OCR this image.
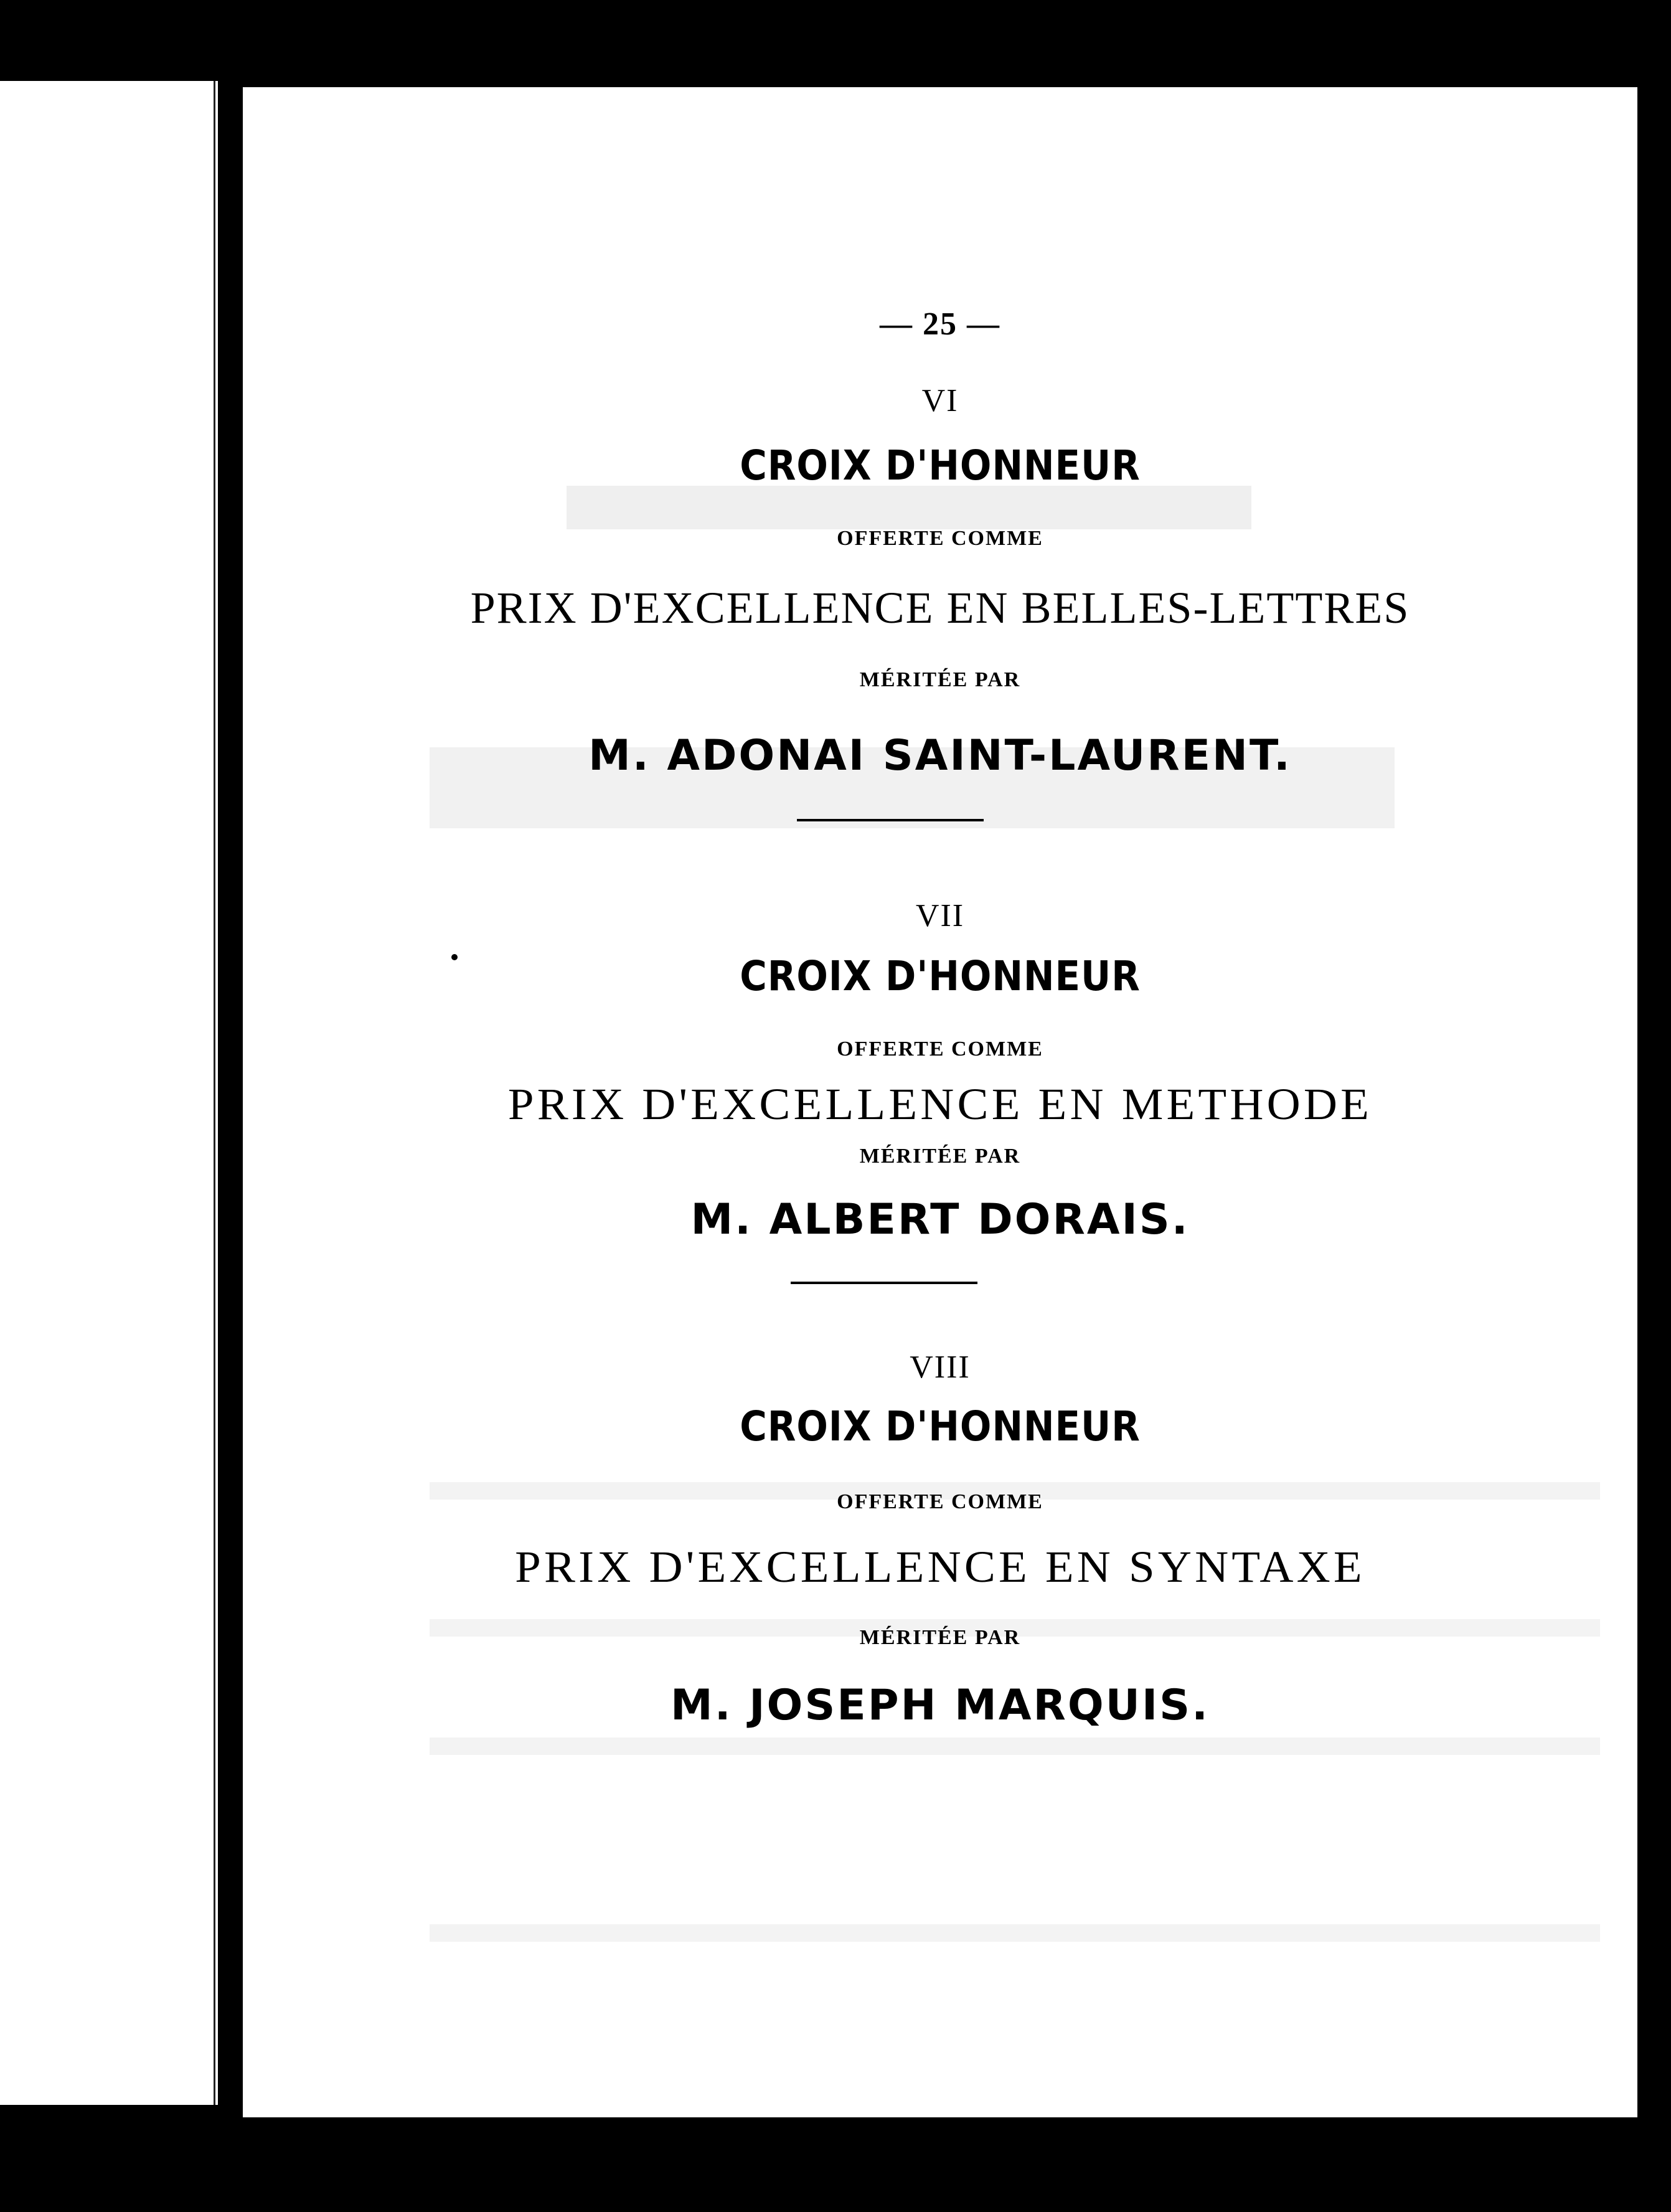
— 25 —
VI
CROIX D'HONNEUR
OFFERTE COMME
PRIX D'EXCELLENCE EN BELLES-LETTRES
MÉRITÉE PAR
M. ADONAI SAINT-LAURENT.
VII
CROIX D'HONNEUR
OFFERTE COMME
PRIX D'EXCELLENCE EN METHODE
MÉRITÉE PAR
M. ALBERT DORAIS.
VIII
CROIX D'HONNEUR
OFFERTE COMME
PRIX D'EXCELLENCE EN SYNTAXE
MÉRITÉE PAR
M. JOSEPH MARQUIS.
